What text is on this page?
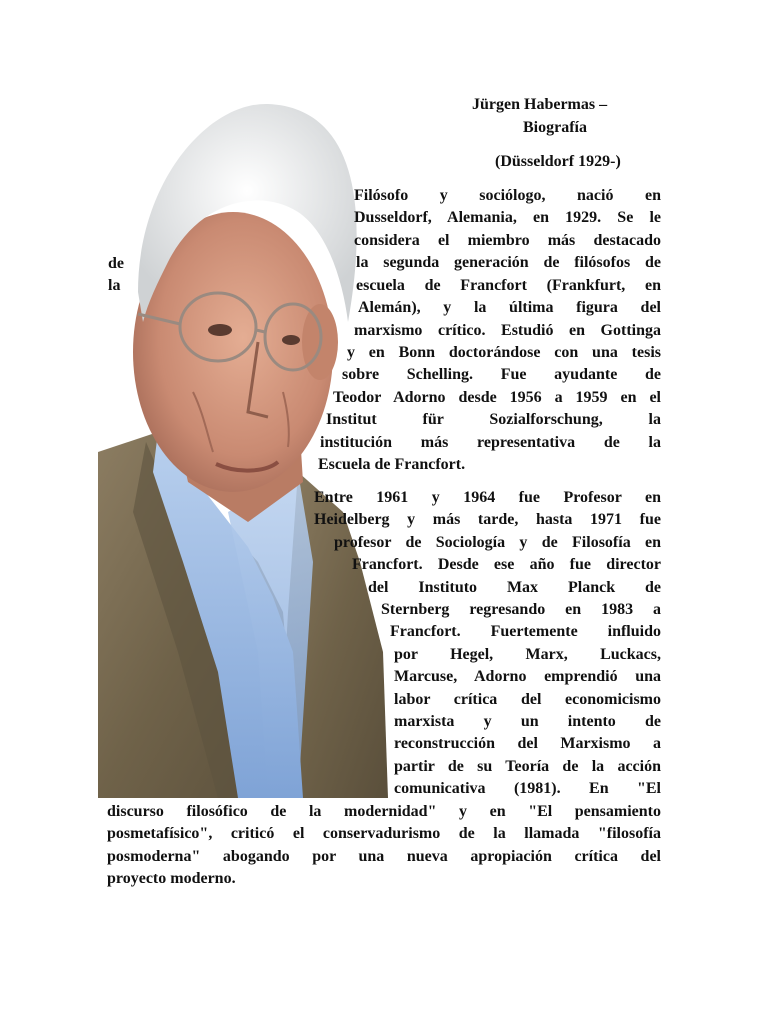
Jürgen Habermas –
Biografía
(Düsseldorf 1929-)
de
la
Filósofo y sociólogo, nació en
Dusseldorf, Alemania, en 1929. Se le
considera el miembro más destacado
la segunda generación de filósofos de
escuela de Francfort (Frankfurt, en
Alemán), y la última figura del
marxismo crítico. Estudió en Gottinga
y en Bonn doctorándose con una tesis
sobre Schelling. Fue ayudante de
Teodor Adorno desde 1956 a 1959 en el
Institut für Sozialforschung, la
institución más representativa de la
Escuela de Francfort.
Entre 1961 y 1964 fue Profesor en
Heidelberg y más tarde, hasta 1971 fue
profesor de Sociología y de Filosofía en
Francfort. Desde ese año fue director
del Instituto Max Planck de
Sternberg regresando en 1983 a
Francfort. Fuertemente influido
por Hegel, Marx, Luckacs,
Marcuse, Adorno emprendió una
labor crítica del economicismo
marxista y un intento de
reconstrucción del Marxismo a
partir de su Teoría de la acción
comunicativa (1981). En "El
discurso filosófico de la modernidad" y en "El pensamiento
posmetafísico", criticó el conservadurismo de la llamada "filosofía
posmoderna" abogando por una nueva apropiación crítica del
proyecto moderno.
